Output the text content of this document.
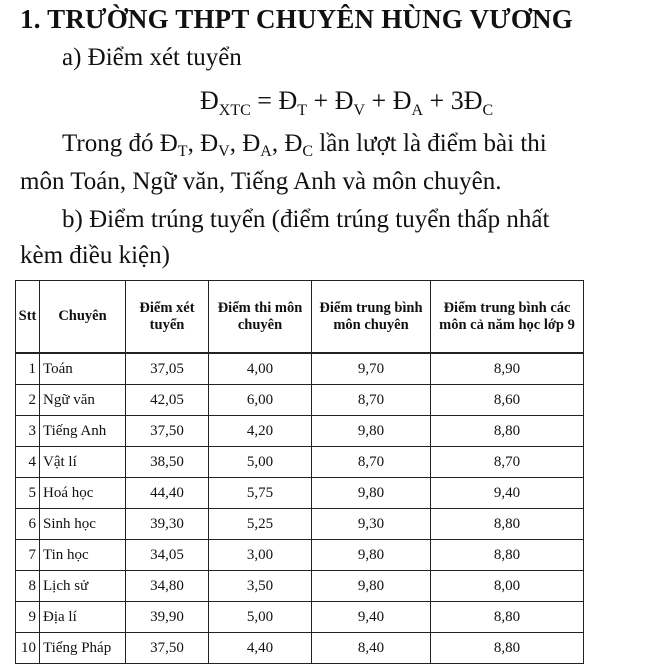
1. TRƯỜNG THPT CHUYÊN HÙNG VƯƠNG
a) Điểm xét tuyển
$Đ_{XTC}$ = $Đ_T$ + $Đ_V$ + $Đ_A$ + $3Đ_C$
Trong đó $Đ_T$, $Đ_V$, $Đ_A$, $Đ_C$ lần lượt là điểm bài thi
môn Toán, Ngữ văn, Tiếng Anh và môn chuyên.
b) Điểm trúng tuyển (điểm trúng tuyển thấp nhất
kèm điều kiện)
Stt	Chuyên	Điểm xét tuyển	Điểm thi môn chuyên	Điểm trung bình môn chuyên	Điểm trung bình các môn cả năm học lớp 9
1	Toán	37,05	4,00	9,70	8,90
2	Ngữ văn	42,05	6,00	8,70	8,60
3	Tiếng Anh	37,50	4,20	9,80	8,80
4	Vật lí	38,50	5,00	8,70	8,70
5	Hoá học	44,40	5,75	9,80	9,40
6	Sinh học	39,30	5,25	9,30	8,80
7	Tin học	34,05	3,00	9,80	8,80
8	Lịch sử	34,80	3,50	9,80	8,00
9	Địa lí	39,90	5,00	9,40	8,80
10	Tiếng Pháp	37,50	4,40	8,40	8,80
